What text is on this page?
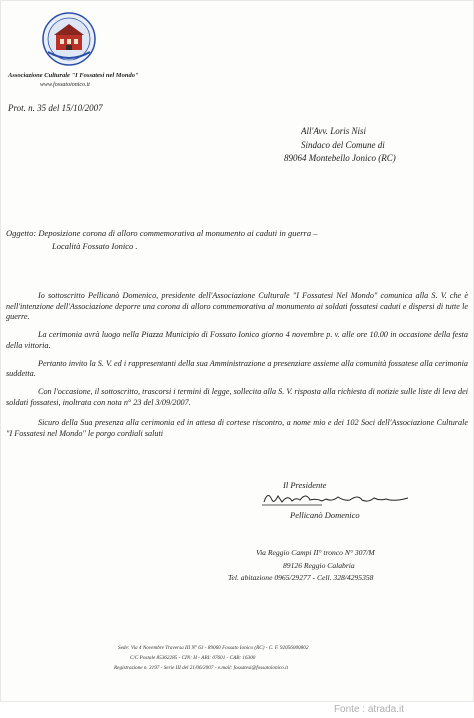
Associazione Culturale "I Fossatesi nel Mondo"
www.fossatoionico.it
Prot. n. 35 del 15/10/2007
All'Avv. Loris Nisi
Sindaco del Comune di
89064 Montebello Jonico (RC)
Oggetto: Deposizione corona di alloro commemorativa al monumento ai caduti in guerra –
Località Fossato Ionico .
Io sottoscritto Pellicanò Domenico, presidente dell'Associazione Culturale "I Fossatesi Nel Mondo" comunica alla S. V. che è nell'intenzione dell'Associazione deporre una corona di alloro commemorativa al monumento ai soldati fossatesi caduti e dispersi di tutte le guerre.
La cerimonia avrà luogo nella Piazza Municipio di Fossato Ionico giorno 4 novembre p. v. alle ore 10.00 in occasione della festa della vittoria.
Pertanto invito la S. V. ed i rappresentanti della sua Amministrazione a presenziare assieme alla comunità fossatese alla cerimonia suddetta.
Con l'occasione, il sottoscritto, trascorsi i termini di legge, sollecita alla S. V. risposta alla richiesta di notizie sulle liste di leva dei soldati fossatesi, inoltrata con nota n° 23 del 3/09/2007.
Sicuro della Sua presenza alla cerimonia ed in attesa di cortese riscontro, a nome mio e dei 102 Soci dell'Associazione Culturale "I Fossatesi nel Mondo" le porgo cordiali saluti
Il Presidente
Pellicanò Domenico
Via Reggio Campi II° tronco N° 307/M
89126 Reggio Calabria
Tel. abitazione 0965/29277 - Cell. 328/4295358
Sede: Via 4 Novembre Traversa III N° 63 - 89060 Fossato Ionico (RC) - C. F. 92056000802
C/C Postale 85362285 - CIN: H - ABI: 07601 - CAB: 16300
Registrazione n. 3197 - Serie III del 21/06/2007 - e.mail: fossatesi@fossatoionico.it
Fonte : atrada.it
